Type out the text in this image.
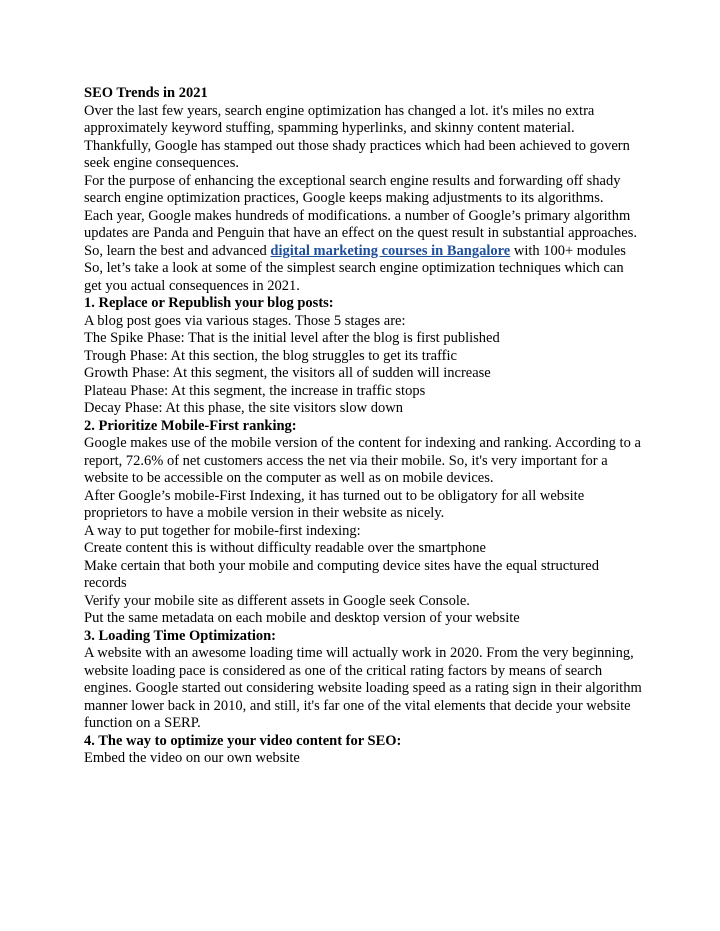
SEO Trends in 2021

Over the last few years, search engine optimization has changed a lot. it's miles no extra approximately keyword stuffing, spamming hyperlinks, and skinny content material. Thankfully, Google has stamped out those shady practices which had been achieved to govern seek engine consequences.

For the purpose of enhancing the exceptional search engine results and forwarding off shady search engine optimization practices, Google keeps making adjustments to its algorithms.

Each year, Google makes hundreds of modifications. a number of Google’s primary algorithm updates are Panda and Penguin that have an effect on the quest result in substantial approaches.

So, learn the best and advanced digital marketing courses in Bangalore with 100+ modules

So, let’s take a look at some of the simplest search engine optimization techniques which can get you actual consequences in 2021.

1. Replace or Republish your blog posts:

A blog post goes via various stages. Those 5 stages are:

The Spike Phase: That is the initial level after the blog is first published

Trough Phase: At this section, the blog struggles to get its traffic

Growth Phase: At this segment, the visitors all of sudden will increase

Plateau Phase: At this segment, the increase in traffic stops

Decay Phase: At this phase, the site visitors slow down

2. Prioritize Mobile-First ranking:

Google makes use of the mobile version of the content for indexing and ranking. According to a report, 72.6% of net customers access the net via their mobile. So, it's very important for a website to be accessible on the computer as well as on mobile devices.

After Google’s mobile-First Indexing, it has turned out to be obligatory for all website proprietors to have a mobile version in their website as nicely.

A way to put together for mobile-first indexing:

Create content this is without difficulty readable over the smartphone

Make certain that both your mobile and computing device sites have the equal structured records

Verify your mobile site as different assets in Google seek Console.

Put the same metadata on each mobile and desktop version of your website

3. Loading Time Optimization:

A website with an awesome loading time will actually work in 2020. From the very beginning, website loading pace is considered as one of the critical rating factors by means of search engines. Google started out considering website loading speed as a rating sign in their algorithm manner lower back in 2010, and still, it's far one of the vital elements that decide your website function on a SERP.

4. The way to optimize your video content for SEO:

Embed the video on our own website
